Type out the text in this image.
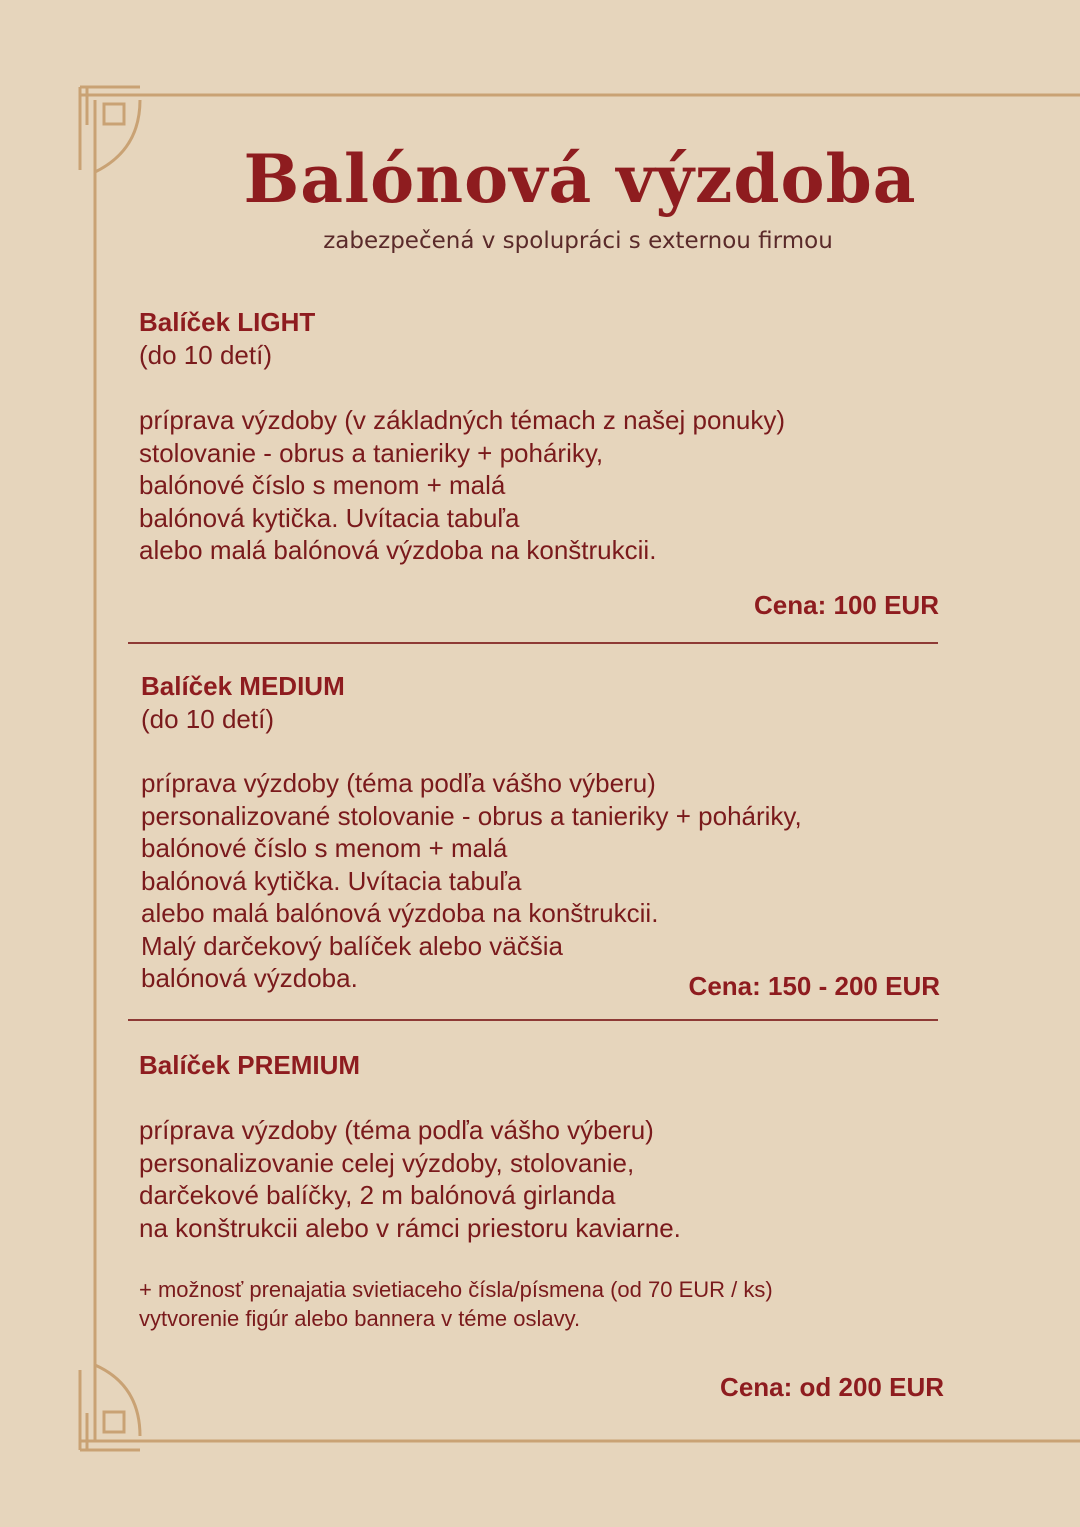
Balónová výzdoba
zabezpečená v spolupráci s externou firmou
Balíček LIGHT
(do 10 detí)
príprava výzdoby (v základných témach z našej ponuky)
stolovanie - obrus a tanieriky + poháriky,
balónové číslo s menom + malá
balónová kytička. Uvítacia tabuľa
alebo malá balónová výzdoba na konštrukcii.
Cena: 100 EUR
Balíček MEDIUM
(do 10 detí)
príprava výzdoby (téma podľa vášho výberu)
personalizované stolovanie - obrus a tanieriky + poháriky,
balónové číslo s menom + malá
balónová kytička. Uvítacia tabuľa
alebo malá balónová výzdoba na konštrukcii.
Malý darčekový balíček alebo väčšia
balónová výzdoba.	Cena: 150 - 200 EUR
Balíček PREMIUM
príprava výzdoby (téma podľa vášho výberu)
personalizovanie celej výzdoby, stolovanie,
darčekové balíčky, 2 m balónová girlanda
na konštrukcii alebo v rámci priestoru kaviarne.
+ možnosť prenajatia svietiaceho čísla/písmena (od 70 EUR / ks)
vytvorenie figúr alebo bannera v téme oslavy.
Cena: od 200 EUR
